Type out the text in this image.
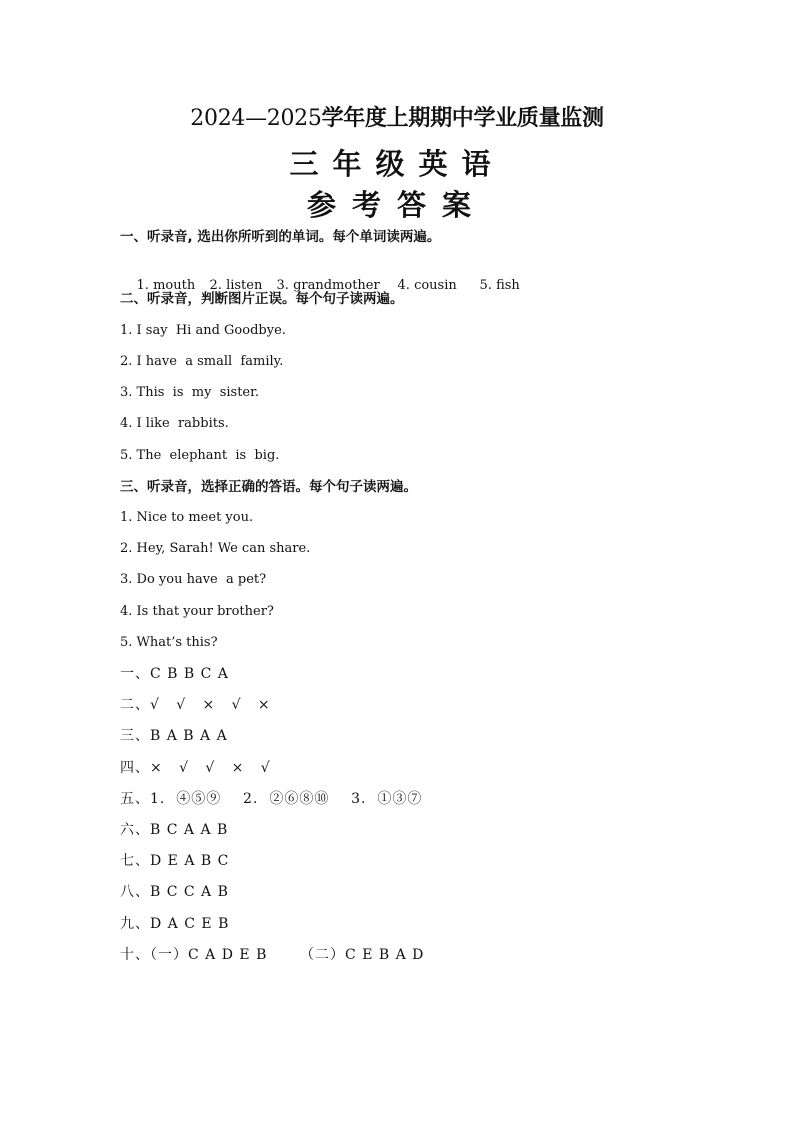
2024—2025学年度上期期中学业质量监测
三年级英语
参考答案
一、听录音, 选出你所听到的单词。每个单词读两遍。

1. mouth 2. listen 3. grandmother 4. cousin 5. fish

二、听录音，判断图片正误。每个句子读两遍。
1. I say  Hi and Goodbye.
2. I have  a small  family.
3. This  is  my  sister.
4. I like  rabbits.
5. The  elephant  is  big.
三、听录音，选择正确的答语。每个句子读两遍。
1. Nice to meet you.
2. Hey, Sarah! We can share.
3. Do you have  a pet?
4. Is that your brother?
5. What’s this?
一、C B B C A
二、√   √   ×   √   ×
三、B A B A A
四、×   √   √   ×   √
五、1.  ④⑤⑨    2.  ②⑥⑧⑩    3.  ①③⑦
六、B C A A B
七、D E A B C
八、B C C A B
九、D A C E B
十、（一）C A D E B      （二）C E B A D
